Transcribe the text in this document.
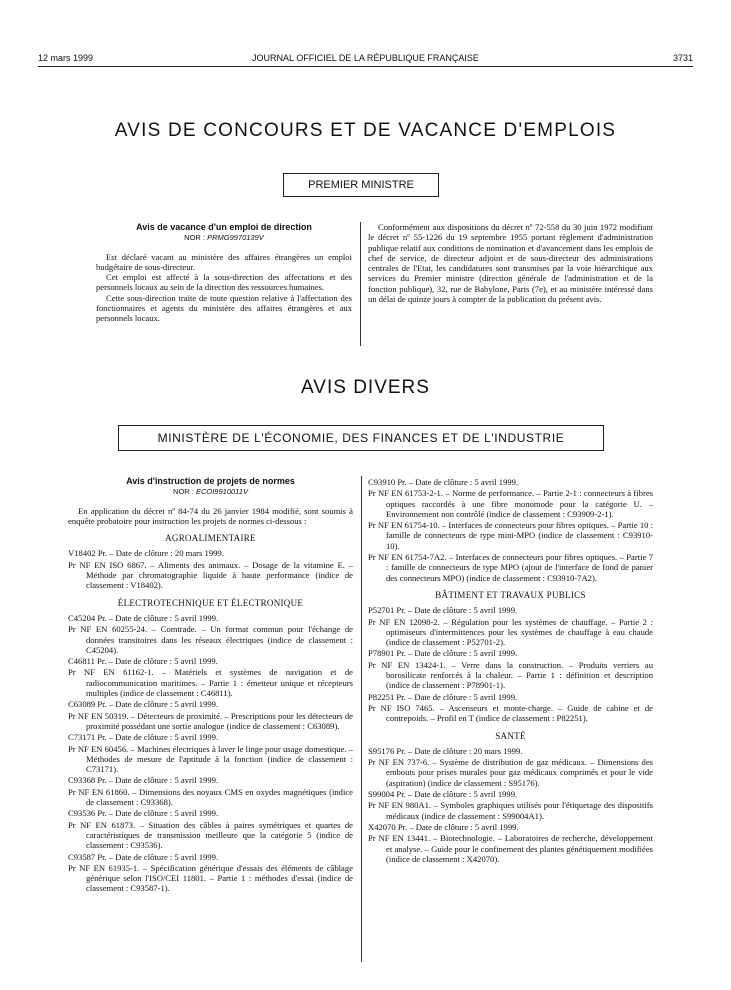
12 mars 1999	JOURNAL OFFICIEL DE LA RÉPUBLIQUE FRANÇAISE	3731
AVIS DE CONCOURS ET DE VACANCE D'EMPLOIS
PREMIER MINISTRE
Avis de vacance d'un emploi de direction
NOR : PRMG9970139V

Est déclaré vacant au ministère des affaires étrangères un emploi budgétaire de sous-directeur.

Cet emploi est affecté à la sous-direction des affectations et des personnels locaux au sein de la direction des ressources humaines.

Cette sous-direction traite de toute question relative à l'affectation des fonctionnaires et agents du ministère des affaires étrangères et aux personnels locaux.

Conformément aux dispositions du décret nº 72-558 du 30 juin 1972 modifiant le décret nº 55-1226 du 19 septembre 1955 portant règlement d'administration publique relatif aux conditions de nomination et d'avancement dans les emplois de chef de service, de directeur adjoint et de sous-directeur des administrations centrales de l'Etat, les candidatures sont transmises par la voie hiérarchique aux services du Premier ministre (direction générale de l'administration et de la fonction publique), 32, rue de Babylone, Paris (7e), et au ministère intéressé dans un délai de quinze jours à compter de la publication du présent avis.

AVIS DIVERS
MINISTÈRE DE L'ÉCONOMIE, DES FINANCES ET DE L'INDUSTRIE
Avis d'instruction de projets de normes
NOR : ECOI9910011V

En application du décret nº 84-74 du 26 janvier 1984 modifié, sont soumis à enquête probatoire pour instruction les projets de normes ci-dessous :

AGROALIMENTAIRE
V18402 Pr. – Date de clôture : 20 mars 1999.
Pr NF EN ISO 6867. – Aliments des animaux. – Dosage de la vitamine E. – Méthode par chromatographie liquide à haute performance (indice de classement : V18402).
ÉLECTROTECHNIQUE ET ÉLECTRONIQUE
C45204 Pr. – Date de clôture : 5 avril 1999.
Pr NF EN 60255-24. – Comtrade. – Un format commun pour l'échange de données transitoires dans les réseaux électriques (indice de classement : C45204).
C46811 Pr. – Date de clôture : 5 avril 1999.
Pr NF EN 61162-1. – Matériels et systèmes de navigation et de radiocommunication maritimes. – Partie 1 : émetteur unique et récepteurs multiples (indice de classement : C46811).
C63089 Pr. – Date de clôture : 5 avril 1999.
Pr NF EN 50319. – Détecteurs de proximité. – Prescriptions pour les détecteurs de proximité possédant une sortie analogue (indice de classement : C63089).
C73171 Pr. – Date de clôture : 5 avril 1999.
Pr NF EN 60456. – Machines électriques à laver le linge pour usage domestique. – Méthodes de mesure de l'aptitude à la fonction (indice de classement : C73171).
C93368 Pr. – Date de clôture : 5 avril 1999.
Pr NF EN 61860. – Dimensions des noyaux CMS en oxydes magnétiques (indice de classement : C93368).
C93536 Pr. – Date de clôture : 5 avril 1999.
Pr NF EN 61873. – Situation des câbles à paires symétriques et quartes de caractéristiques de transmission meilleure que la catégorie 5 (indice de classement : C93536).
C93587 Pr. – Date de clôture : 5 avril 1999.
Pr NF EN 61935-1. – Spécification générique d'essais des éléments de câblage générique selon l'ISO/CEI 11801. – Partie 1 : méthodes d'essai (indice de classement : C93587-1).
C93910 Pr. – Date de clôture : 5 avril 1999.
Pr NF EN 61753-2-1. – Norme de performance. – Partie 2-1 : connecteurs à fibres optiques raccordés à une fibre monomode pour la catégorie U. – Environnement non contrôlé (indice de classement : C93909-2-1).
Pr NF EN 61754-10. – Interfaces de connecteurs pour fibres optiques. – Partie 10 : famille de connecteurs de type mini-MPO (indice de classement : C93910-10).
Pr NF EN 61754-7A2. – Interfaces de connecteurs pour fibres optiques. – Partie 7 : famille de connecteurs de type MPO (ajout de l'interface de fond de panier des connecteurs MPO) (indice de classement : C93910-7A2).
BÂTIMENT ET TRAVAUX PUBLICS
P52701 Pr. – Date de clôture : 5 avril 1999.
Pr NF EN 12098-2. – Régulation pour les systèmes de chauffage. – Partie 2 : optimiseurs d'intermittences pour les systèmes de chauffage à eau chaude (indice de classement : P52701-2).
P78901 Pr. – Date de clôture : 5 avril 1999.
Pr NF EN 13424-1. – Verre dans la construction. – Produits verriers au borosilicate renforcés à la chaleur. – Partie 1 : définition et description (indice de classement : P78901-1).
P82251 Pr. – Date de clôture : 5 avril 1999.
Pr NF ISO 7465. – Ascenseurs et monte-charge. – Guide de cabine et de contrepoids. – Profil en T (indice de classement : P82251).
SANTÉ
S95176 Pr. – Date de clôture : 20 mars 1999.
Pr NF EN 737-6. – Système de distribution de gaz médicaux. – Dimensions des embouts pour prises murales pour gaz médicaux comprimés et pour le vide (aspiration) (indice de classement : S95176).
S99004 Pr. – Date de clôture : 5 avril 1999.
Pr NF EN 980A1. – Symboles graphiques utilisés pour l'étiquetage des dispositifs médicaux (indice de classement : S99004A1).
X42070 Pr. – Date de clôture : 5 avril 1999.
Pr NF EN 13441. – Biotechnologie. – Laboratoires de recherche, développement et analyse. – Guide pour le confinement des plantes génétiquement modifiées (indice de classement : X42070).
